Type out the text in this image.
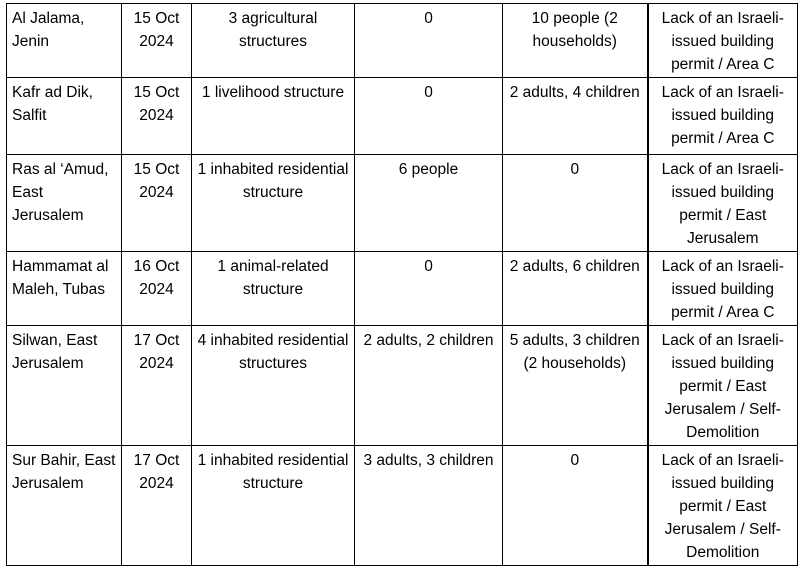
Al Jalama, Jenin	15 Oct 2024	3 agricultural structures	0	10 people (2 households)	Lack of an Israeli-issued building permit / Area C
Kafr ad Dik, Salfit	15 Oct 2024	1 livelihood structure	0	2 adults, 4 children	Lack of an Israeli-issued building permit / Area C
Ras al ‘Amud, East Jerusalem	15 Oct 2024	1 inhabited residential structure	6 people	0	Lack of an Israeli-issued building permit / East Jerusalem
Hammamat al Maleh, Tubas	16 Oct 2024	1 animal-related structure	0	2 adults, 6 children	Lack of an Israeli-issued building permit / Area C
Silwan, East Jerusalem	17 Oct 2024	4 inhabited residential structures	2 adults, 2 children	5 adults, 3 children (2 households)	Lack of an Israeli-issued building permit / East Jerusalem / Self-Demolition
Sur Bahir, East Jerusalem	17 Oct 2024	1 inhabited residential structure	3 adults, 3 children	0	Lack of an Israeli-issued building permit / East Jerusalem / Self-Demolition
